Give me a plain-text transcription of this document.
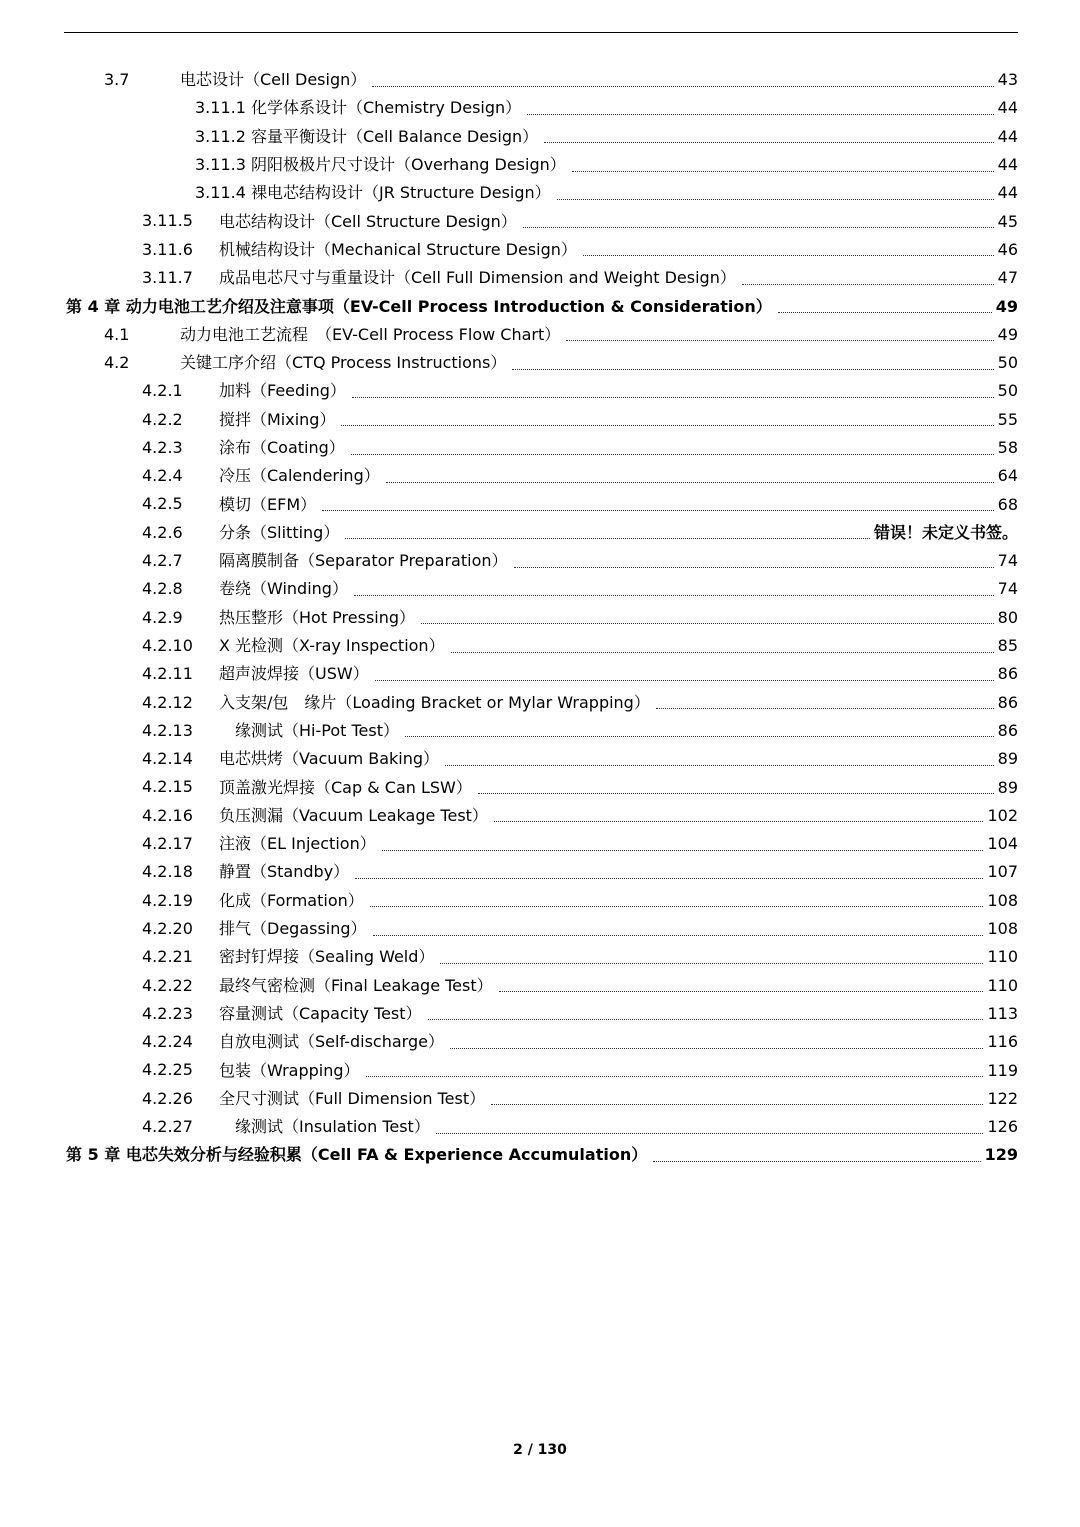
3.7	电芯设计（Cell Design）	43
3.11.1 化学体系设计（Chemistry Design）	44
3.11.2 容量平衡设计（Cell Balance Design）	44
3.11.3 阴阳极极片尺寸设计（Overhang Design）	44
3.11.4 裸电芯结构设计（JR Structure Design）	44
3.11.5 电芯结构设计（Cell Structure Design）	45
3.11.6 机械结构设计（Mechanical Structure Design）	46
3.11.7 成品电芯尺寸与重量设计（Cell Full Dimension and Weight Design）	47
第 4 章 动力电池工艺介绍及注意事项（EV-Cell Process Introduction & Consideration）	49
4.1	动力电池工艺流程　（EV-Cell Process Flow Chart）	49
4.2	关键工序介绍（CTQ Process Instructions）	50
4.2.1 加料（Feeding）	50
4.2.2 搅拌（Mixing）	55
4.2.3 涂布（Coating）	58
4.2.4 冷压（Calendering）	64
4.2.5 模切（EFM）	68
4.2.6 分条（Slitting）	错误！未定义书签。
4.2.7 隔离膜制备（Separator Preparation）	74
4.2.8 卷绕（Winding）	74
4.2.9 热压整形（Hot Pressing）	80
4.2.10 X 光检测（X-ray Inspection）	85
4.2.11 超声波焊接（USW）	86
4.2.12 入支架/包　缘片（Loading Bracket or Mylar Wrapping）	86
4.2.13 　缘测试（Hi-Pot Test）	86
4.2.14 电芯烘烤（Vacuum Baking）	89
4.2.15 顶盖激光焊接（Cap & Can LSW）	89
4.2.16 负压测漏（Vacuum Leakage Test）	102
4.2.17 注液（EL Injection）	104
4.2.18 静置（Standby）	107
4.2.19 化成（Formation）	108
4.2.20 排气（Degassing）	108
4.2.21 密封钉焊接（Sealing Weld）	110
4.2.22 最终气密检测（Final Leakage Test）	110
4.2.23 容量测试（Capacity Test）	113
4.2.24 自放电测试（Self-discharge）	116
4.2.25 包装（Wrapping）	119
4.2.26 全尺寸测试（Full Dimension Test）	122
4.2.27 　缘测试（Insulation Test）	126
第 5 章 电芯失效分析与经验积累（Cell FA & Experience Accumulation）	129
2 / 130
